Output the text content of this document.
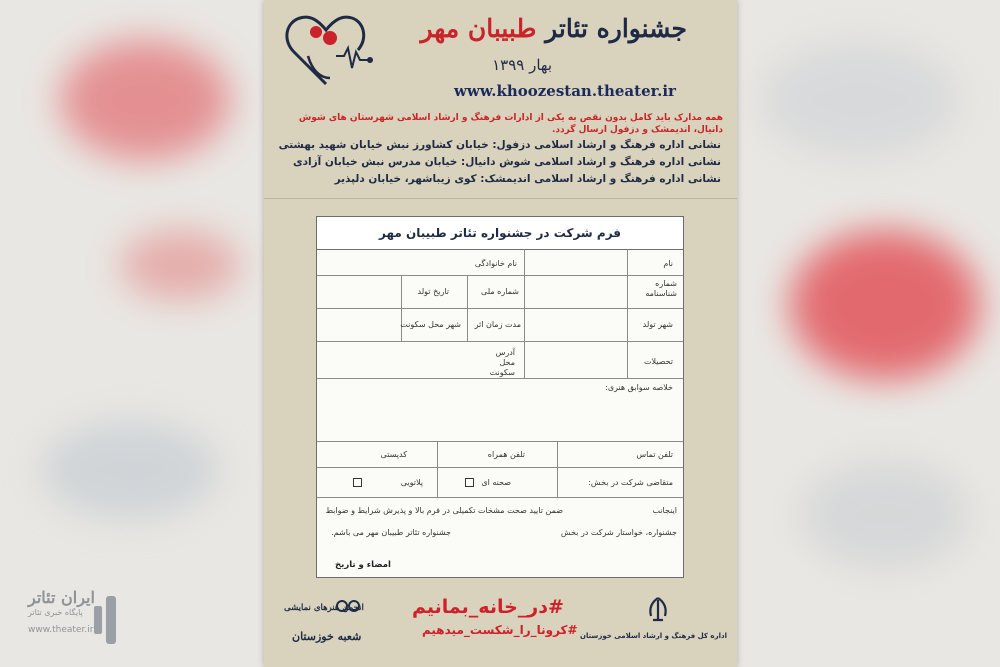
ایران تئاتر
پایگاه خبری تئاتر
www.theater.ir
جشنواره تئاتر طبیبان مهر
بهار ۱۳۹۹
www.khoozestan.theater.ir
همه مدارک باید کامل بدون نقص به یکی از ادارات فرهنگ و ارشاد اسلامی شهرستان های شوش دانیال، اندیمشک و دزفول ارسال گردد.
نشانی اداره فرهنگ و ارشاد اسلامی دزفول: خیابان کشاورز نبش خیابان شهید بهشتی
نشانی اداره فرهنگ و ارشاد اسلامی شوش دانیال: خیابان مدرس نبش خیابان آزادی
نشانی اداره فرهنگ و ارشاد اسلامی اندیمشک: کوی زیباشهر، خیابان دلپذیر
فرم شرکت در جشنواره تئاتر طبیبان مهر
نام
نام خانوادگی
شماره شناسنامه
شماره ملی
تاریخ تولد
شهر تولد
مدت زمان اثر
شهر محل سکونت
تحصیلات
آدرس محل سکونت
خلاصه سوابق هنری:
تلفن تماس
تلفن همراه
کدپستی
متقاضی شرکت در بخش:
صحنه ای
پلاتویی
اینجانب
ضمن تایید صحت مشخات تکمیلی در فرم بالا و پذیرش شرایط و ضوابط
جشنواره، خواستار شرکت در بخش
جشنواره تئاتر طبیبان مهر می باشم.
امضاء و تاریخ
اداره کل فرهنگ و ارشاد اسلامی خوزستان
#در_خانه_بمانیم
#کرونا_را_شکست_میدهیم
انجمن هنرهای نمایشی
شعبه خوزستان
